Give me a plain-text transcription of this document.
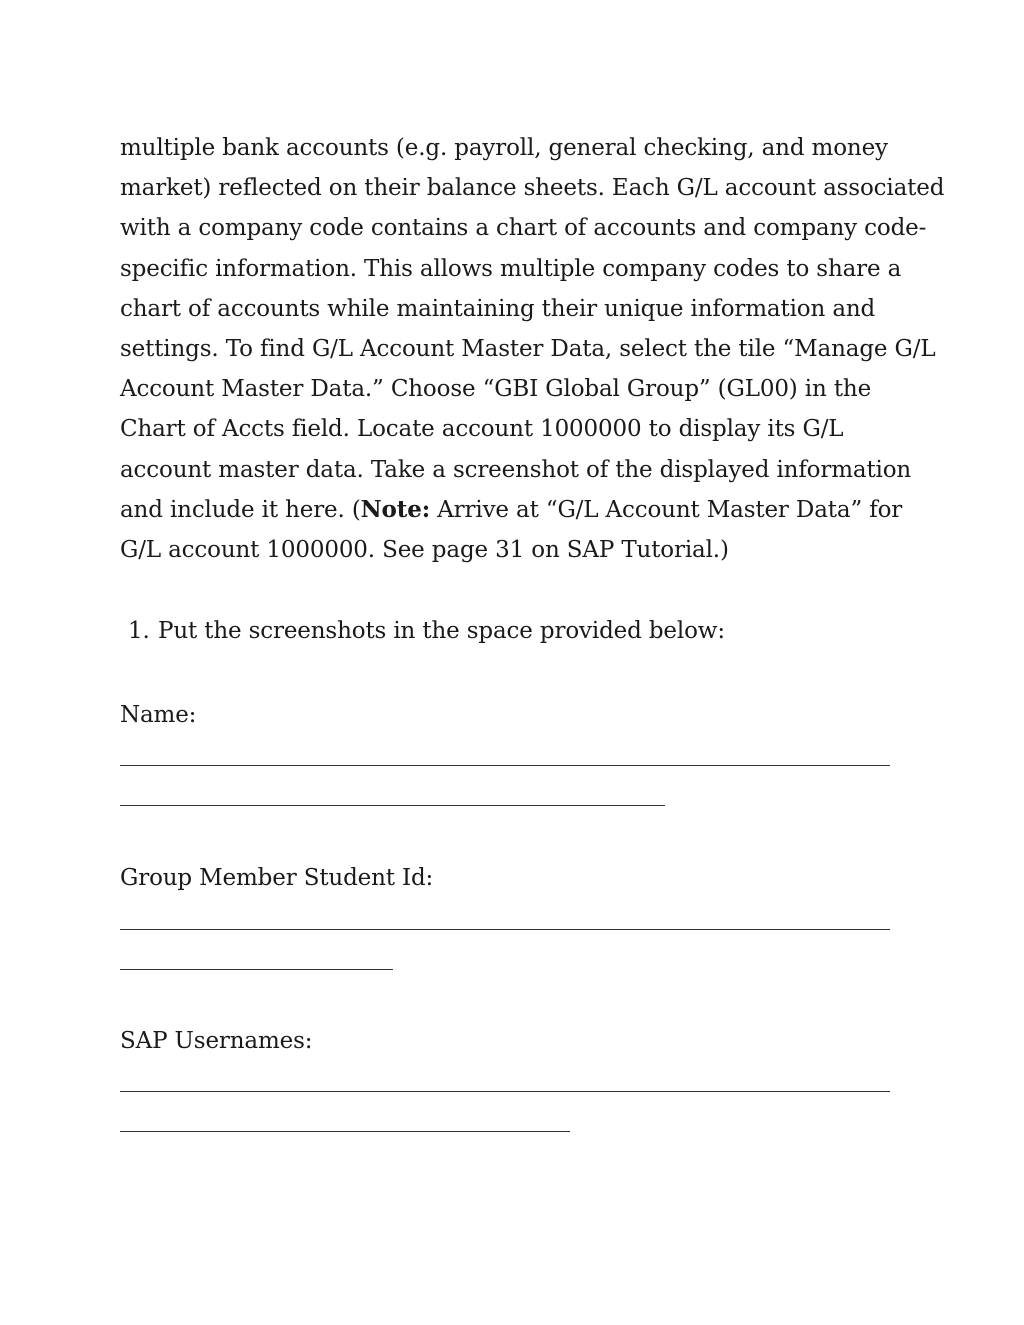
multiple bank accounts (e.g. payroll, general checking, and money
market) reflected on their balance sheets. Each G/L account associated
with a company code contains a chart of accounts and company code-
specific information. This allows multiple company codes to share a
chart of accounts while maintaining their unique information and
settings. To find G/L Account Master Data, select the tile “Manage G/L
Account Master Data.” Choose “GBI Global Group” (GL00) in the
Chart of Accts field. Locate account 1000000 to display its G/L
account master data. Take a screenshot of the displayed information
and include it here. (Note: Arrive at “G/L Account Master Data” for
G/L account 1000000. See page 31 on SAP Tutorial.)

1. Put the screenshots in the space provided below:
Name:
Group Member Student Id:
SAP Usernames:
